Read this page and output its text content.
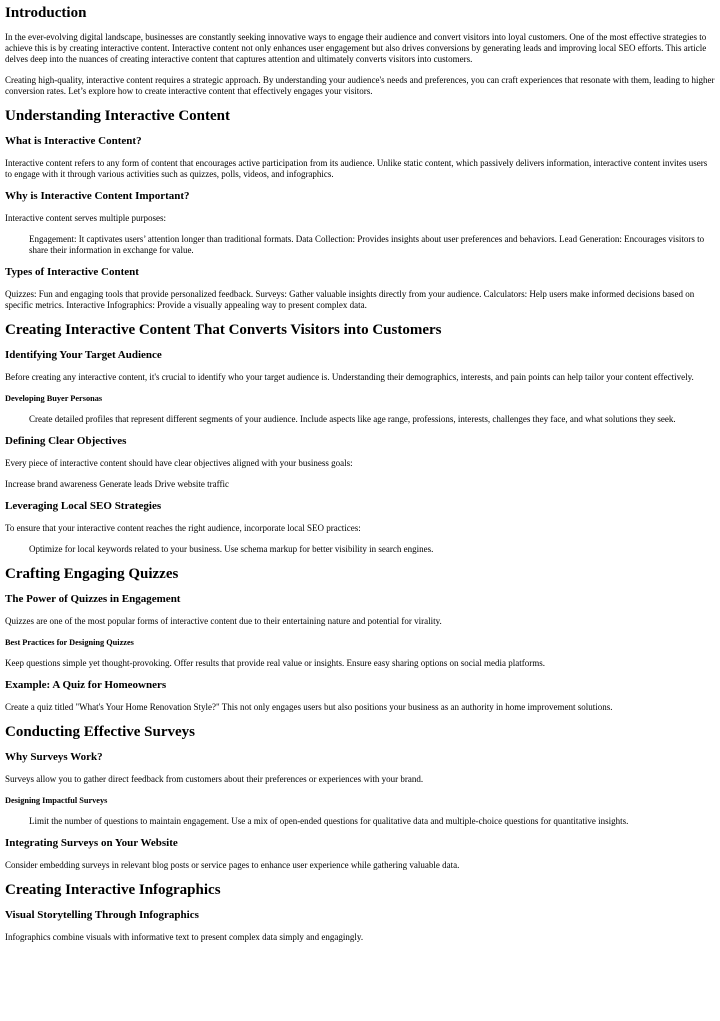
Introduction

In the ever-evolving digital landscape, businesses are constantly seeking innovative ways to engage their audience and convert visitors into loyal customers. One of the most effective strategies to achieve this is by creating interactive content. Interactive content not only enhances user engagement but also drives conversions by generating leads and improving local SEO efforts. This article delves deep into the nuances of creating interactive content that captures attention and ultimately converts visitors into customers.

Creating high-quality, interactive content requires a strategic approach. By understanding your audience's needs and preferences, you can craft experiences that resonate with them, leading to higher conversion rates. Let’s explore how to create interactive content that effectively engages your visitors.

Understanding Interactive Content
What is Interactive Content?

Interactive content refers to any form of content that encourages active participation from its audience. Unlike static content, which passively delivers information, interactive content invites users to engage with it through various activities such as quizzes, polls, videos, and infographics.

Why is Interactive Content Important?

Interactive content serves multiple purposes:

Engagement: It captivates users’ attention longer than traditional formats. Data Collection: Provides insights about user preferences and behaviors. Lead Generation: Encourages visitors to share their information in exchange for value.

Types of Interactive Content

Quizzes: Fun and engaging tools that provide personalized feedback. Surveys: Gather valuable insights directly from your audience. Calculators: Help users make informed decisions based on specific metrics. Interactive Infographics: Provide a visually appealing way to present complex data.

Creating Interactive Content That Converts Visitors into Customers
Identifying Your Target Audience

Before creating any interactive content, it's crucial to identify who your target audience is. Understanding their demographics, interests, and pain points can help tailor your content effectively.

Developing Buyer Personas

Create detailed profiles that represent different segments of your audience. Include aspects like age range, professions, interests, challenges they face, and what solutions they seek.

Defining Clear Objectives

Every piece of interactive content should have clear objectives aligned with your business goals:

Increase brand awareness Generate leads Drive website traffic

Leveraging Local SEO Strategies

To ensure that your interactive content reaches the right audience, incorporate local SEO practices:

Optimize for local keywords related to your business. Use schema markup for better visibility in search engines.

Crafting Engaging Quizzes
The Power of Quizzes in Engagement

Quizzes are one of the most popular forms of interactive content due to their entertaining nature and potential for virality.

Best Practices for Designing Quizzes

Keep questions simple yet thought-provoking. Offer results that provide real value or insights. Ensure easy sharing options on social media platforms.

Example: A Quiz for Homeowners

Create a quiz titled "What's Your Home Renovation Style?" This not only engages users but also positions your business as an authority in home improvement solutions.

Conducting Effective Surveys
Why Surveys Work?

Surveys allow you to gather direct feedback from customers about their preferences or experiences with your brand.

Designing Impactful Surveys

Limit the number of questions to maintain engagement. Use a mix of open-ended questions for qualitative data and multiple-choice questions for quantitative insights.

Integrating Surveys on Your Website

Consider embedding surveys in relevant blog posts or service pages to enhance user experience while gathering valuable data.

Creating Interactive Infographics
Visual Storytelling Through Infographics

Infographics combine visuals with informative text to present complex data simply and engagingly.
